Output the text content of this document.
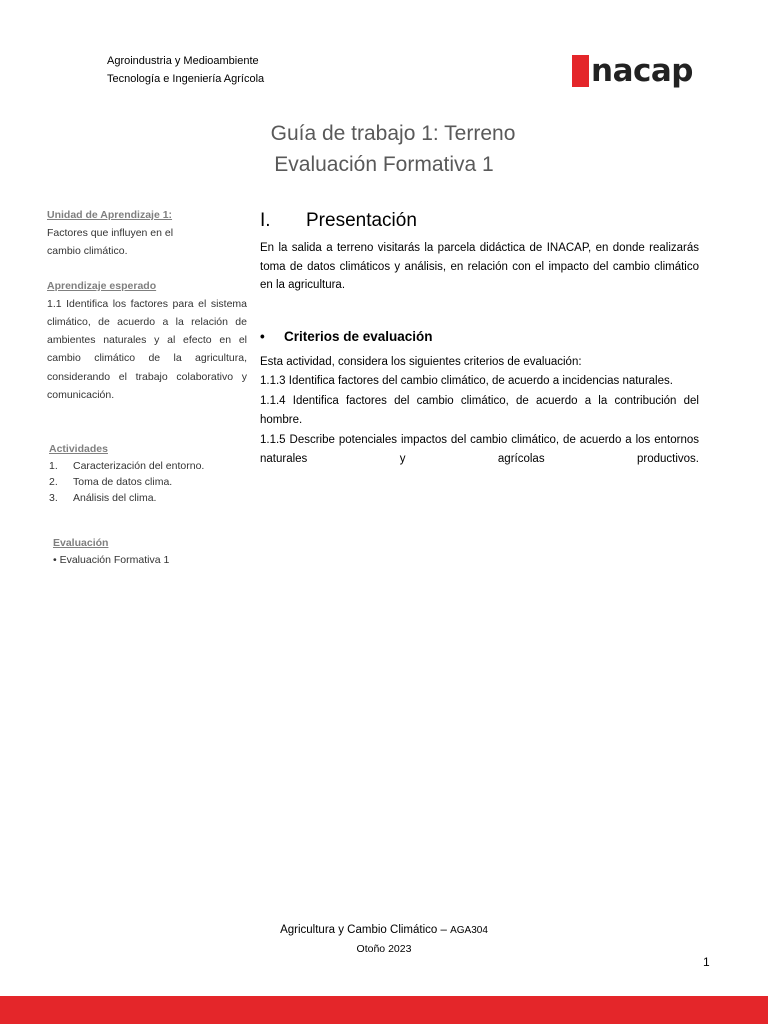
Agroindustria y Medioambiente
Tecnología e Ingeniería Agrícola	nacap
Guía de trabajo 1: Terreno
Evaluación Formativa 1
Unidad de Aprendizaje 1:
Factores que influyen en el cambio climático.
Aprendizaje esperado
1.1 Identifica los factores para el sistema climático, de acuerdo a la relación de ambientes naturales y al efecto en el cambio climático de la agricultura, considerando el trabajo colaborativo y comunicación.
Actividades
1.	Caracterización del entorno.
2.	Toma de datos clima.
3.	Análisis del clima.
Evaluación
• Evaluación Formativa 1
I.	Presentación
En la salida a terreno visitarás la parcela didáctica de INACAP, en donde realizarás toma de datos climáticos y análisis, en relación con el impacto del cambio climático en la agricultura.
•	Criterios de evaluación
Esta actividad, considera los siguientes criterios de evaluación:
1.1.3 Identifica factores del cambio climático, de acuerdo a incidencias naturales.
1.1.4 Identifica factores del cambio climático, de acuerdo a la contribución del hombre.
1.1.5 Describe potenciales impactos del cambio climático, de acuerdo a los entornos naturales y agrícolas productivos.
Agricultura y Cambio Climático – AGA304
Otoño 2023
1
